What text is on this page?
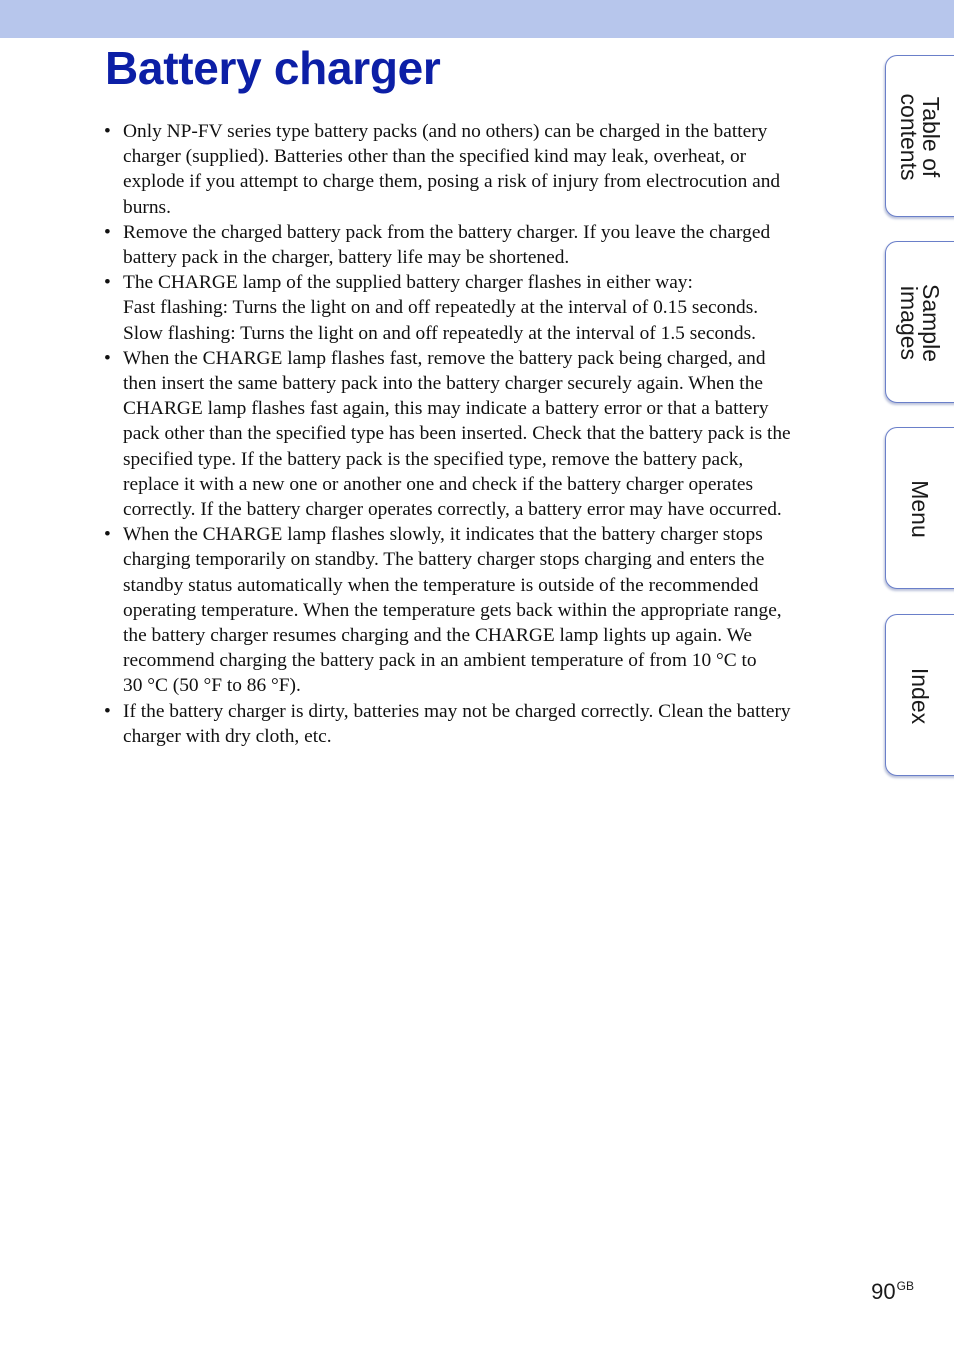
Battery charger
• Only NP-FV series type battery packs (and no others) can be charged in the battery
charger (supplied). Batteries other than the specified kind may leak, overheat, or
explode if you attempt to charge them, posing a risk of injury from electrocution and
burns.
• Remove the charged battery pack from the battery charger. If you leave the charged
battery pack in the charger, battery life may be shortened.
• The CHARGE lamp of the supplied battery charger flashes in either way:
Fast flashing: Turns the light on and off repeatedly at the interval of 0.15 seconds.
Slow flashing: Turns the light on and off repeatedly at the interval of 1.5 seconds.
• When the CHARGE lamp flashes fast, remove the battery pack being charged, and
then insert the same battery pack into the battery charger securely again. When the
CHARGE lamp flashes fast again, this may indicate a battery error or that a battery
pack other than the specified type has been inserted. Check that the battery pack is the
specified type. If the battery pack is the specified type, remove the battery pack,
replace it with a new one or another one and check if the battery charger operates
correctly. If the battery charger operates correctly, a battery error may have occurred.
• When the CHARGE lamp flashes slowly, it indicates that the battery charger stops
charging temporarily on standby. The battery charger stops charging and enters the
standby status automatically when the temperature is outside of the recommended
operating temperature. When the temperature gets back within the appropriate range,
the battery charger resumes charging and the CHARGE lamp lights up again. We
recommend charging the battery pack in an ambient temperature of from 10 °C to
30 °C (50 °F to 86 °F).
• If the battery charger is dirty, batteries may not be charged correctly. Clean the battery
charger with dry cloth, etc.
Table of
contents
Sample
images
Menu
Index
$90^{GB}$
